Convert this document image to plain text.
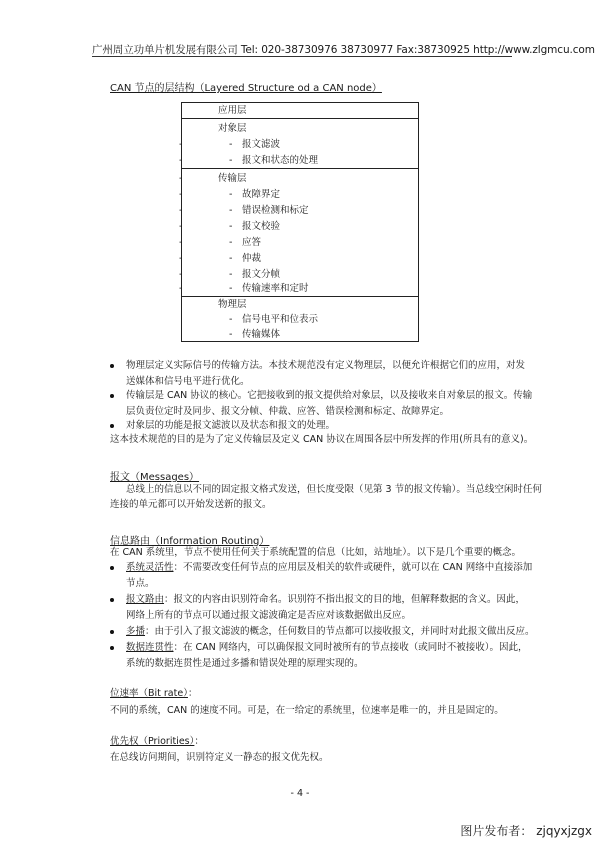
广州周立功单片机发展有限公司 Tel: 020-38730976 38730977 Fax:38730925 http://www.zlgmcu.com
CAN 节点的层结构（Layered Structure od a CAN node）
应用层
对象层
-	- 报文滤波
-	- 报文和状态的处理
-	传输层
-	- 故障界定
-	- 错误检测和标定
-	- 报文校验
-	- 应答
-	- 仲裁
-	- 报文分帧
-	- 传输速率和定时
物理层
- 信号电平和位表示
- 传输媒体
物理层定义实际信号的传输方法。本技术规范没有定义物理层，以便允许根据它们的应用，对发
送媒体和信号电平进行优化。
传输层是 CAN 协议的核心。它把接收到的报文提供给对象层，以及接收来自对象层的报文。传输
层负责位定时及同步、报文分帧、仲裁、应答、错误检测和标定、故障界定。
对象层的功能是报文滤波以及状态和报文的处理。
这本技术规范的目的是为了定义传输层及定义 CAN 协议在周围各层中所发挥的作用(所具有的意义)。
报文（Messages）
总线上的信息以不同的固定报文格式发送，但长度受限（见第 3 节的报文传输）。当总线空闲时任何
连接的单元都可以开始发送新的报文。
信息路由（Information Routing）
在 CAN 系统里，节点不使用任何关于系统配置的信息（比如，站地址）。以下是几个重要的概念。
系统灵活性：不需要改变任何节点的应用层及相关的软件或硬件，就可以在 CAN 网络中直接添加
节点。
报文路由：报文的内容由识别符命名。识别符不指出报文的目的地，但解释数据的含义。因此，
网络上所有的节点可以通过报文滤波确定是否应对该数据做出反应。
多播：由于引入了报文滤波的概念，任何数目的节点都可以接收报文，并同时对此报文做出反应。
数据连贯性：在 CAN 网络内，可以确保报文同时被所有的节点接收（或同时不被接收）。因此，
系统的数据连贯性是通过多播和错误处理的原理实现的。
位速率（Bit rate）：
不同的系统，CAN 的速度不同。可是，在一给定的系统里，位速率是唯一的，并且是固定的。
优先权（Priorities）：
在总线访问期间，识别符定义一静态的报文优先权。
- 4 -
图片发布者： zjqyxjzgx
